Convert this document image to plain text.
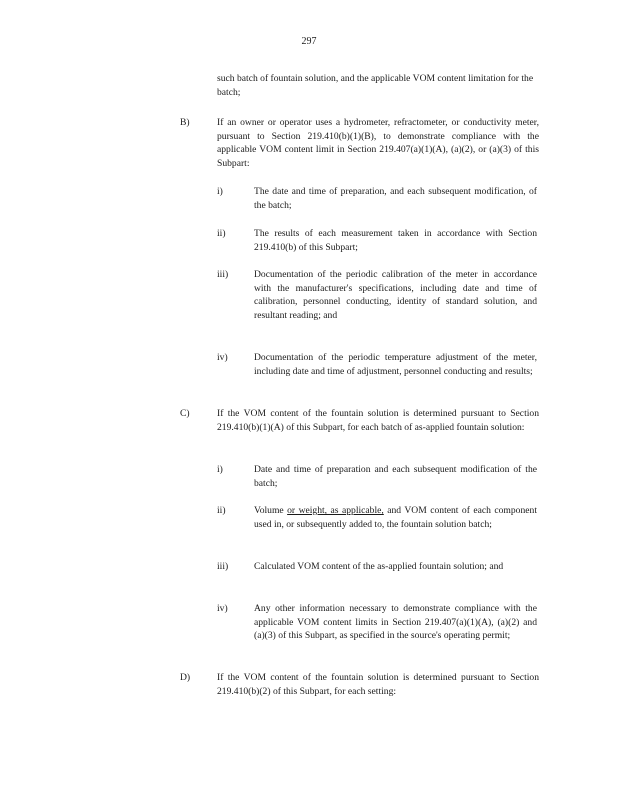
297
such batch of fountain solution, and the applicable VOM content limitation for the batch;
B)	If an owner or operator uses a hydrometer, refractometer, or conductivity meter, pursuant to Section 219.410(b)(1)(B), to demonstrate compliance with the applicable VOM content limit in Section 219.407(a)(1)(A), (a)(2), or (a)(3) of this Subpart:
i)	The date and time of preparation, and each subsequent modification, of the batch;
ii)	The results of each measurement taken in accordance with Section 219.410(b) of this Subpart;
iii)	Documentation of the periodic calibration of the meter in accordance with the manufacturer's specifications, including date and time of calibration, personnel conducting, identity of standard solution, and resultant reading; and
iv)	Documentation of the periodic temperature adjustment of the meter, including date and time of adjustment, personnel conducting and results;
C)	If the VOM content of the fountain solution is determined pursuant to Section 219.410(b)(1)(A) of this Subpart, for each batch of as-applied fountain solution:
i)	Date and time of preparation and each subsequent modification of the batch;
ii)	Volume or weight, as applicable, and VOM content of each component used in, or subsequently added to, the fountain solution batch;
iii)	Calculated VOM content of the as-applied fountain solution; and
iv)	Any other information necessary to demonstrate compliance with the applicable VOM content limits in Section 219.407(a)(1)(A), (a)(2) and (a)(3) of this Subpart, as specified in the source's operating permit;
D)	If the VOM content of the fountain solution is determined pursuant to Section 219.410(b)(2) of this Subpart, for each setting:
